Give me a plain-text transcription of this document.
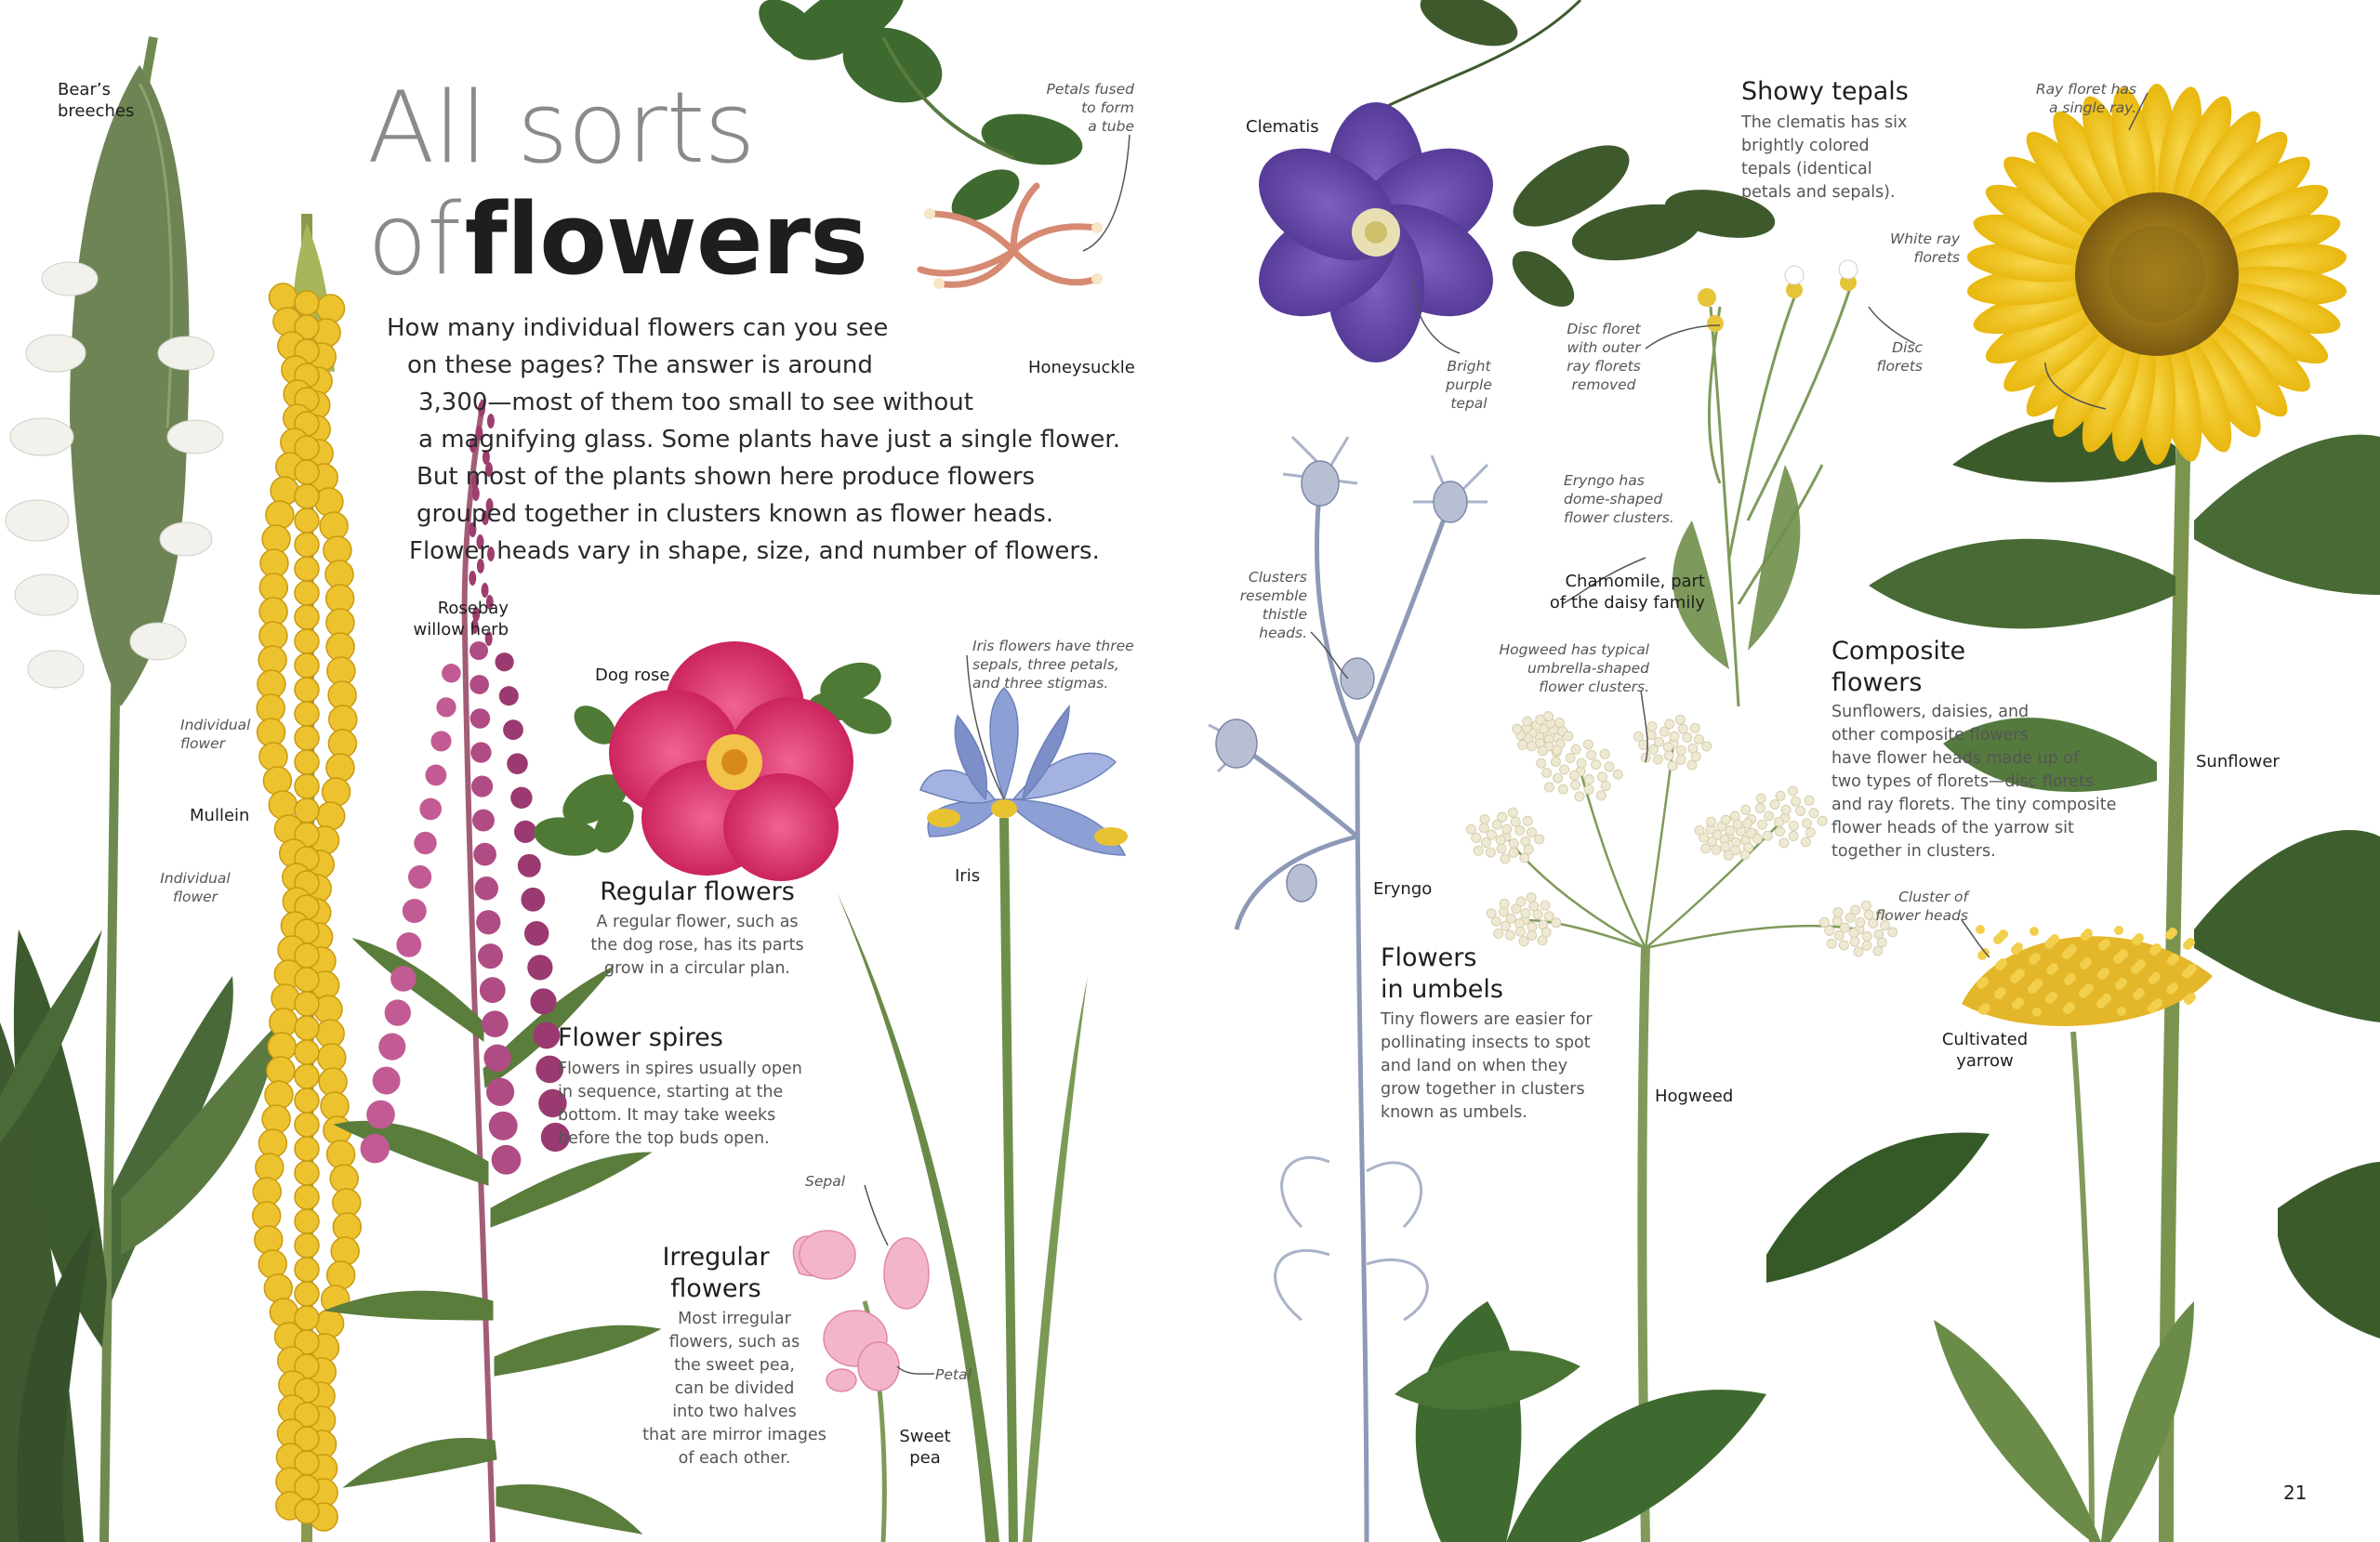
All sorts
of flowers
How many individual flowers can you see
on these pages? The answer is around
3,300—most of them too small to see without
a magnifying glass. Some plants have just a single flower.
But most of the plants shown here produce flowers
grouped together in clusters known as flower heads.
Flower heads vary in shape, size, and number of flowers.
Regular flowers
A regular flower, such as
the dog rose, has its parts
grow in a circular plan.
Flower spires
Flowers in spires usually open
in sequence, starting at the
bottom. It may take weeks
before the top buds open.
Irregular
flowers
Most irregular
flowers, such as
the sweet pea,
can be divided
into two halves
that are mirror images
of each other.
Showy tepals
The clematis has six
brightly colored
tepals (identical
petals and sepals).
Flowers
in umbels
Tiny flowers are easier for
pollinating insects to spot
and land on when they
grow together in clusters
known as umbels.
Composite
flowers
Sunflowers, daisies, and
other composite flowers
have flower heads made up of
two types of florets—disc florets
and ray florets. The tiny composite
flower heads of the yarrow sit
together in clusters.
Bear’s
breeches
Mullein
Rosebay
willow herb
Dog rose
Iris
Honeysuckle
Sweet
pea
Clematis
Eryngo
Chamomile, part
of the daisy family
Hogweed
Sunflower
Cultivated
yarrow
Individual
flower
Individual
flower
Petals fused
to form
a tube
Iris flowers have three
sepals, three petals,
and three stigmas.
Sepal
Petal
Bright
purple
tepal
Disc floret
with outer
ray florets
removed
Eryngo has
dome-shaped
flower clusters.
Clusters
resemble
thistle
heads.
Hogweed has typical
umbrella-shaped
flower clusters.
Ray floret has
a single ray.
White ray
florets
Disc
florets
Cluster of
flower heads
21
